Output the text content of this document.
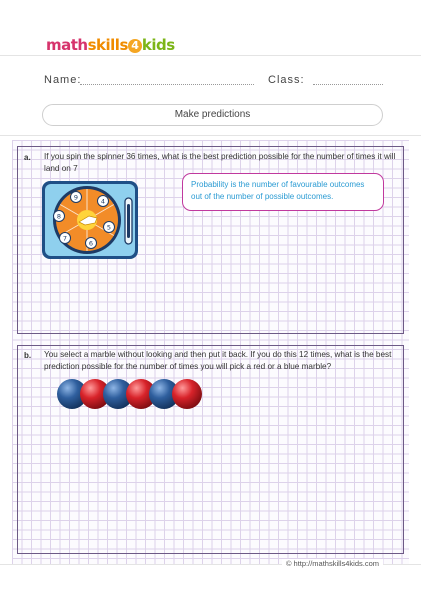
mathskills 4 kids
Name:	Class:
Make predictions
a. If you spin the spinner 36 times, what is the best prediction possible for the number of times it will land on 7
9	4
5
8
7
6
Probability is the number of favourable outcomes out of the number of possible outcomes.
b. You select a marble without looking and then put it back. If you do this 12 times, what is the best prediction possible for the number of times you will pick a red or a blue marble?
© http://mathskills4kids.com
